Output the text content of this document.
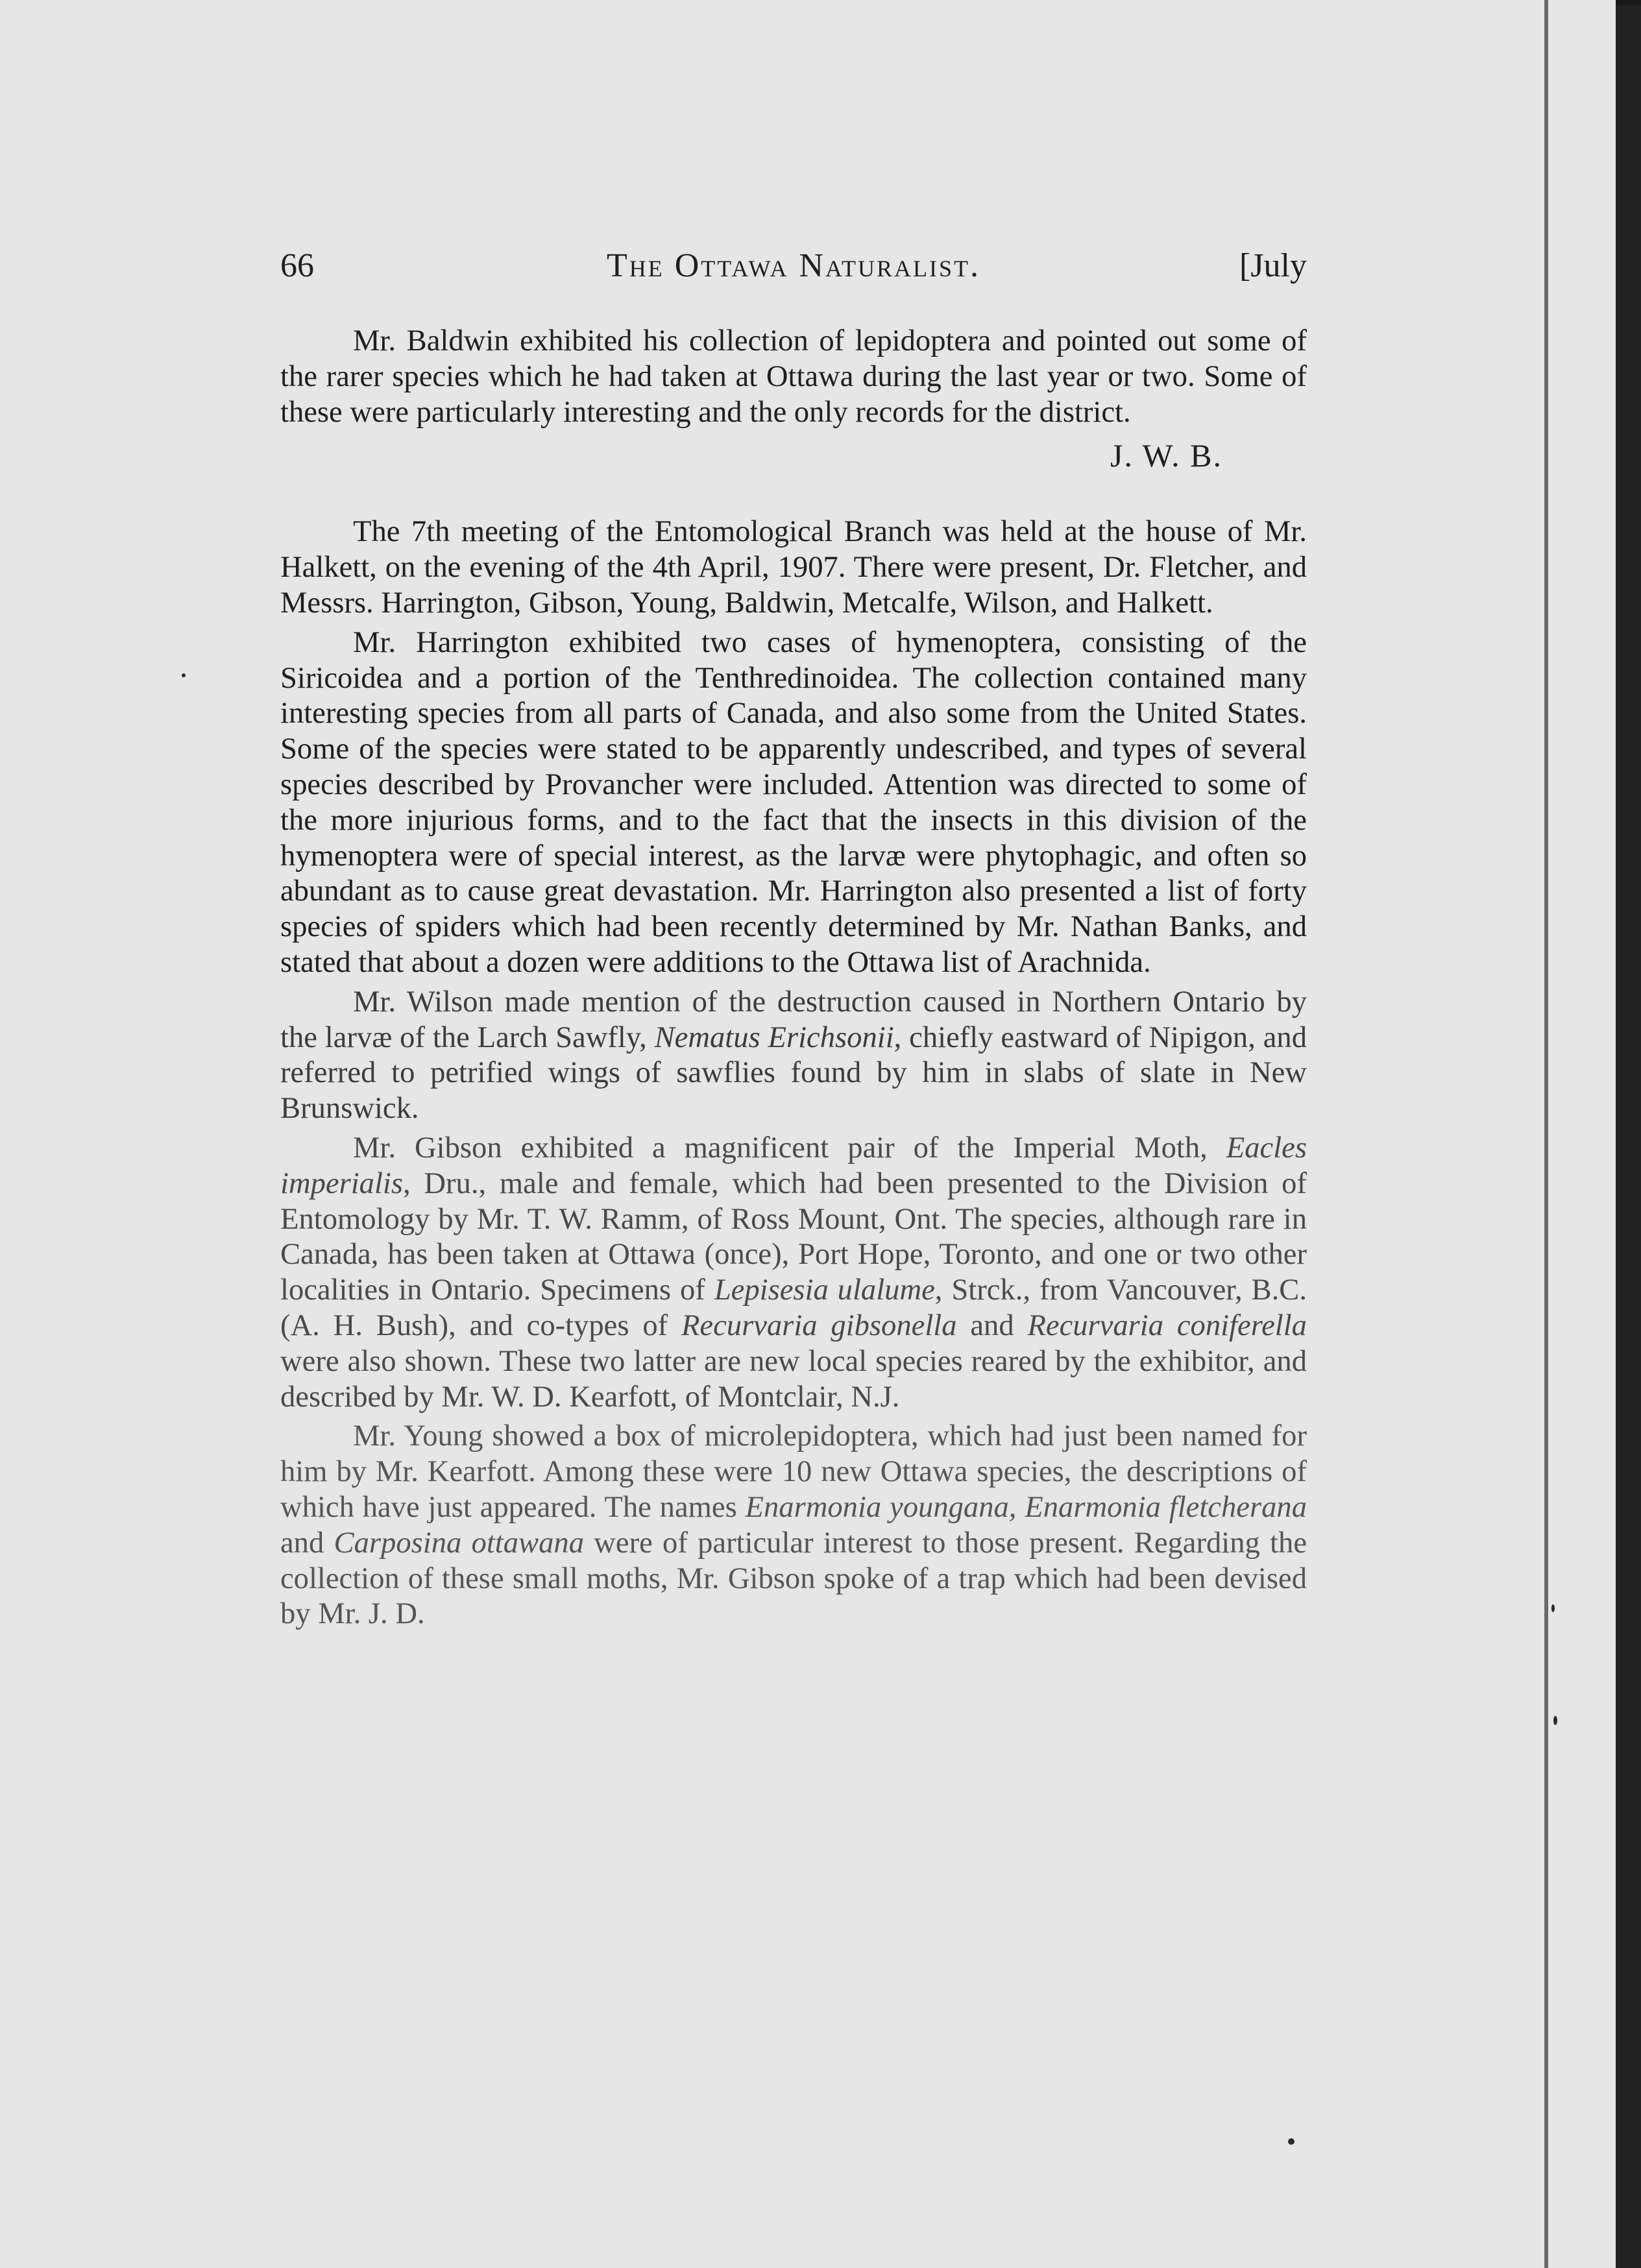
66	The Ottawa Naturalist.	[July

Mr. Baldwin exhibited his collection of lepidoptera and pointed out some of the rarer species which he had taken at Ottawa during the last year or two. Some of these were particularly interesting and the only records for the district.

J. W. B.

The 7th meeting of the Entomological Branch was held at the house of Mr. Halkett, on the evening of the 4th April, 1907. There were present, Dr. Fletcher, and Messrs. Harrington, Gibson, Young, Baldwin, Metcalfe, Wilson, and Halkett.

Mr. Harrington exhibited two cases of hymenoptera, consisting of the Siricoidea and a portion of the Tenthredinoidea. The collection contained many interesting species from all parts of Canada, and also some from the United States. Some of the species were stated to be apparently undescribed, and types of several species described by Provancher were included. Attention was directed to some of the more injurious forms, and to the fact that the insects in this division of the hymenoptera were of special interest, as the larvæ were phytophagic, and often so abundant as to cause great devastation. Mr. Harrington also presented a list of forty species of spiders which had been recently determined by Mr. Nathan Banks, and stated that about a dozen were additions to the Ottawa list of Arachnida.

Mr. Wilson made mention of the destruction caused in Northern Ontario by the larvæ of the Larch Sawfly, Nematus Erichsonii, chiefly eastward of Nipigon, and referred to petrified wings of sawflies found by him in slabs of slate in New Brunswick.

Mr. Gibson exhibited a magnificent pair of the Imperial Moth, Eacles imperialis, Dru., male and female, which had been presented to the Division of Entomology by Mr. T. W. Ramm, of Ross Mount, Ont. The species, although rare in Canada, has been taken at Ottawa (once), Port Hope, Toronto, and one or two other localities in Ontario. Specimens of Lepisesia ulalume, Strck., from Vancouver, B.C. (A. H. Bush), and co-types of Recurvaria gibsonella and Recurvaria coniferella were also shown. These two latter are new local species reared by the exhibitor, and described by Mr. W. D. Kearfott, of Montclair, N.J.

Mr. Young showed a box of microlepidoptera, which had just been named for him by Mr. Kearfott. Among these were 10 new Ottawa species, the descriptions of which have just appeared. The names Enarmonia youngana, Enarmonia fletcherana and Carposina ottawana were of particular interest to those present. Regarding the collection of these small moths, Mr. Gibson spoke of a trap which had been devised by Mr. J. D.
